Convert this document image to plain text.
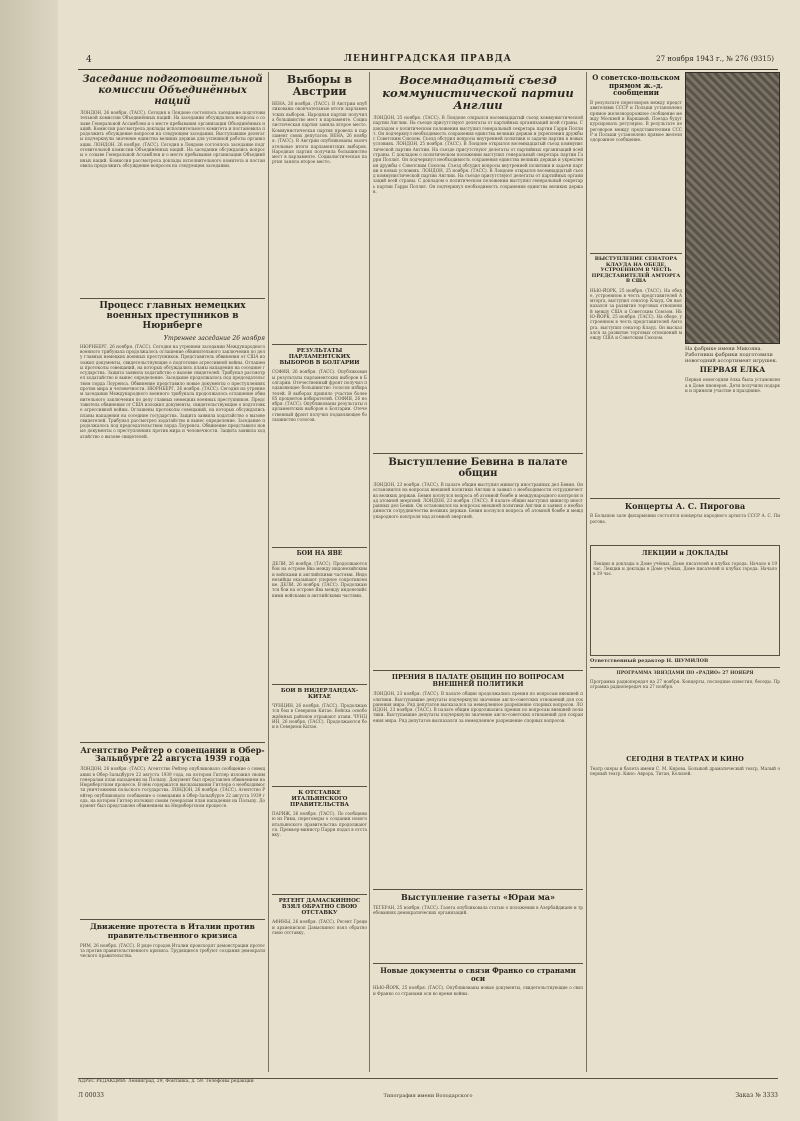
4	ЛЕНИНГРАДСКАЯ ПРАВДА	27 ноября 1943 г., № 276 (9315)
Заседание подготовительной комиссии Объединённых наций
ЛОНДОН, 26 ноября. (ТАСС). Сегодня в Лондоне состоялось заседание подготовительной комиссии Объединённых наций. На заседании обсуждались вопросы о созыве Генеральной Ассамблеи и о месте пребывания организации Объединённых наций. Комиссия рассмотрела доклады исполнительного комитета и постановила продолжить обсуждение вопросов на следующем заседании. Выступавшие делегаты подчеркнули значение единства великих держав для успешной работы организации. ЛОНДОН, 26 ноября. (ТАСС). Сегодня в Лондоне состоялось заседание подготовительной комиссии Объединённых наций. На заседании обсуждались вопросы о созыве Генеральной Ассамблеи и о месте пребывания организации Объединённых наций. Комиссия рассмотрела доклады исполнительного комитета и постановила продолжить обсуждение вопросов на следующем заседании.
Процесс главных немецких военных преступников в Нюрнберге
Утреннее заседание 26 ноября
НЮРНБЕРГ, 26 ноября. (ТАСС). Сегодня на утреннем заседании Международного военного трибунала продолжалось оглашение обвинительного заключения по делу главных немецких военных преступников. Представитель обвинения от США изложил документы, свидетельствующие о подготовке агрессивной войны. Оглашены протоколы совещаний, на которых обсуждались планы нападения на соседние государства. Защита заявила ходатайство о вызове свидетелей. Трибунал рассмотрел ходатайство и вынес определение. Заседание продолжалось под председательством лорда Лоуренса. Обвинение представило новые документы о преступлениях против мира и человечности. НЮРНБЕРГ, 26 ноября. (ТАСС). Сегодня на утреннем заседании Международного военного трибунала продолжалось оглашение обвинительного заключения по делу главных немецких военных преступников. Представитель обвинения от США изложил документы, свидетельствующие о подготовке агрессивной войны. Оглашены протоколы совещаний, на которых обсуждались планы нападения на соседние государства. Защита заявила ходатайство о вызове свидетелей. Трибунал рассмотрел ходатайство и вынес определение. Заседание продолжалось под председательством лорда Лоуренса. Обвинение представило новые документы о преступлениях против мира и человечности. Защита заявила ходатайство о вызове свидетелей.
Агентство Рейтер о совещании в Обер-Зальцбурге 22 августа 1939 года
ЛОНДОН, 26 ноября. (ТАСС). Агентство Рейтер опубликовало сообщение о совещании в Обер-Зальцбурге 22 августа 1939 года, на котором Гитлер изложил своим генералам план нападения на Польшу. Документ был представлен обвинением на Нюрнбергском процессе. В нём содержатся высказывания Гитлера о необходимости уничтожения польского государства. ЛОНДОН, 26 ноября. (ТАСС). Агентство Рейтер опубликовало сообщение о совещании в Обер-Зальцбурге 22 августа 1939 года, на котором Гитлер изложил своим генералам план нападения на Польшу. Документ был представлен обвинением на Нюрнбергском процессе.
Движение протеста в Италии против правительственного кризиса
РИМ, 26 ноября. (ТАСС). В ряде городов Италии происходят демонстрации протеста против правительственного кризиса. Трудящиеся требуют создания демократического правительства.
Выборы в Австрии
ВЕНА, 26 ноября. (ТАСС). В Австрии опубликованы окончательные итоги парламентских выборов. Народная партия получила большинство мест в парламенте. Социалистическая партия заняла второе место. Коммунистическая партия провела в парламент своих депутатов. ВЕНА, 26 ноября. (ТАСС). В Австрии опубликованы окончательные итоги парламентских выборов. Народная партия получила большинство мест в парламенте. Социалистическая партия заняла второе место.
РЕЗУЛЬТАТЫ ПАРЛАМЕНТСКИХ ВЫБОРОВ В БОЛГАРИИ
СОФИЯ, 26 ноября. (ТАСС). Опубликованы результаты парламентских выборов в Болгарии. Отечественный фронт получил подавляющее большинство голосов избирателей. В выборах приняло участие более 85 процентов избирателей. СОФИЯ, 26 ноября. (ТАСС). Опубликованы результаты парламентских выборов в Болгарии. Отечественный фронт получил подавляющее большинство голосов.
БОИ НА ЯВЕ
ДЕЛИ, 26 ноября. (ТАСС). Продолжаются бои на острове Ява между индонезийскими войсками и английскими частями. Индонезийцы оказывают упорное сопротивление. ДЕЛИ, 26 ноября. (ТАСС). Продолжаются бои на острове Ява между индонезийскими войсками и английскими частями.
БОИ В НИДЕРЛАНДАХ-КИТАЕ
ЧУНЦИН, 26 ноября. (ТАСС). Продолжаются бои в Северном Китае. Войска освобождённых районов отражают атаки. ЧУНЦИН, 26 ноября. (ТАСС). Продолжаются бои в Северном Китае.
К ОТСТАВКЕ ИТАЛЬЯНСКОГО ПРАВИТЕЛЬСТВА
ПАРИЖ, 26 ноября. (ТАСС). По сообщению из Рима, переговоры о создании нового итальянского правительства продолжаются. Премьер-министр Парри подал в отставку.
РЕГЕНТ ДАМАСКИННОС ВЗЯЛ ОБРАТНО СВОЮ ОТСТАВКУ
АФИНЫ, 26 ноября. (ТАСС). Регент Греции архиепископ Дамаскинос взял обратно свою отставку.
Восемнадцатый съезд коммунистической партии Англии
ЛОНДОН, 25 ноября. (ТАСС). В Лондоне открылся восемнадцатый съезд коммунистической партии Англии. На съезде присутствуют делегаты от партийных организаций всей страны. С докладом о политическом положении выступил генеральный секретарь партии Гарри Поллит. Он подчеркнул необходимость сохранения единства великих держав и укрепления дружбы с Советским Союзом. Съезд обсудил вопросы внутренней политики и задачи партии в новых условиях. ЛОНДОН, 25 ноября. (ТАСС). В Лондоне открылся восемнадцатый съезд коммунистической партии Англии. На съезде присутствуют делегаты от партийных организаций всей страны. С докладом о политическом положении выступил генеральный секретарь партии Гарри Поллит. Он подчеркнул необходимость сохранения единства великих держав и укрепления дружбы с Советским Союзом. Съезд обсудил вопросы внутренней политики и задачи партии в новых условиях. ЛОНДОН, 25 ноября. (ТАСС). В Лондоне открылся восемнадцатый съезд коммунистической партии Англии. На съезде присутствуют делегаты от партийных организаций всей страны. С докладом о политическом положении выступил генеральный секретарь партии Гарри Поллит. Он подчеркнул необходимость сохранения единства великих держав.
Выступление Бевина в палате общин
ЛОНДОН, 23 ноября. (ТАСС). В палате общин выступил министр иностранных дел Бевин. Он остановился на вопросах внешней политики Англии и заявил о необходимости сотрудничества великих держав. Бевин коснулся вопроса об атомной бомбе и международного контроля над атомной энергией. ЛОНДОН, 23 ноября. (ТАСС). В палате общин выступил министр иностранных дел Бевин. Он остановился на вопросах внешней политики Англии и заявил о необходимости сотрудничества великих держав. Бевин коснулся вопроса об атомной бомбе и международного контроля над атомной энергией.
ПРЕНИЯ В ПАЛАТЕ ОБЩИН ПО ВОПРОСАМ ВНЕШНЕЙ ПОЛИТИКИ
ЛОНДОН, 23 ноября. (ТАСС). В палате общин продолжались прения по вопросам внешней политики. Выступавшие депутаты подчеркнули значение англо-советских отношений для сохранения мира. Ряд депутатов высказался за немедленное разрешение спорных вопросов. ЛОНДОН, 23 ноября. (ТАСС). В палате общин продолжались прения по вопросам внешней политики. Выступавшие депутаты подчеркнули значение англо-советских отношений для сохранения мира. Ряд депутатов высказался за немедленное разрешение спорных вопросов.
Выступление газеты «Юраи ма»
ТЕГЕРАН, 25 ноября. (ТАСС). Газета опубликовала статью о положении в Азербайджане и требованиях демократических организаций.
Новые документы о связи Франко со странами оси
НЬЮ-ЙОРК, 25 ноября. (ТАСС). Опубликованы новые документы, свидетельствующие о связи Франко со странами оси во время войны.
О советско-польском прямом ж.-д. сообщении
В результате переговоров между представителями СССР и Польши установлено прямое железнодорожное сообщение между Москвой и Варшавой. Поезда будут курсировать регулярно. В результате переговоров между представителями СССР и Польши установлено прямое железнодорожное сообщение.
ВЫСТУПЛЕНИЕ СЕНАТОРА КЛАУДА НА ОБЕДЕ, УСТРОЕННОМ В ЧЕСТЬ ПРЕДСТАВИТЕЛЕЙ АМТОРГА В США
НЬЮ-ЙОРК, 25 ноября. (ТАСС). На обеде, устроенном в честь представителей Амторга, выступил сенатор Клауд. Он высказался за развитие торговых отношений между США и Советским Союзом. НЬЮ-ЙОРК, 25 ноября. (ТАСС). На обеде, устроенном в честь представителей Амторга, выступил сенатор Клауд. Он высказался за развитие торговых отношений между США и Советским Союзом.
На фабрике имени Микояна. Работники фабрики подготовили новогодний ассортимент игрушек.
ПЕРВАЯ ЕЛКА
Первая новогодняя ёлка была установлена в Доме пионеров. Дети получили подарки и приняли участие в празднике.
Концерты А. С. Пирогова
В Большом зале филармонии состоятся концерты народного артиста СССР А. С. Пирогова.
ЛЕКЦИИ и ДОКЛАДЫ
Лекции и доклады в Доме учёных, Доме писателей и клубах города. Начало в 19 час. Лекции и доклады в Доме учёных, Доме писателей и клубах города. Начало в 19 час.
Ответственный редактор Н. ШУМИЛОВ
ПРОГРАММА ЗВЯЗДАМИ ПО «РАДИО» 27 НОЯБРЯ
Программа радиопередач на 27 ноября. Концерты, последние известия, беседы. Программа радиопередач на 27 ноября.
СЕГОДНЯ В ТЕАТРАХ И КИНО
Театр оперы и балета имени С. М. Кирова, Большой драматический театр, Малый оперный театр. Кино: Аврора, Титан, Колизей.
АДРЕС РЕДАКЦИИ: Ленинград, 29, Фонтанка, д. 59. Телефоны редакции
Л 00033	Типография имени Володарского	Заказ № 3333
